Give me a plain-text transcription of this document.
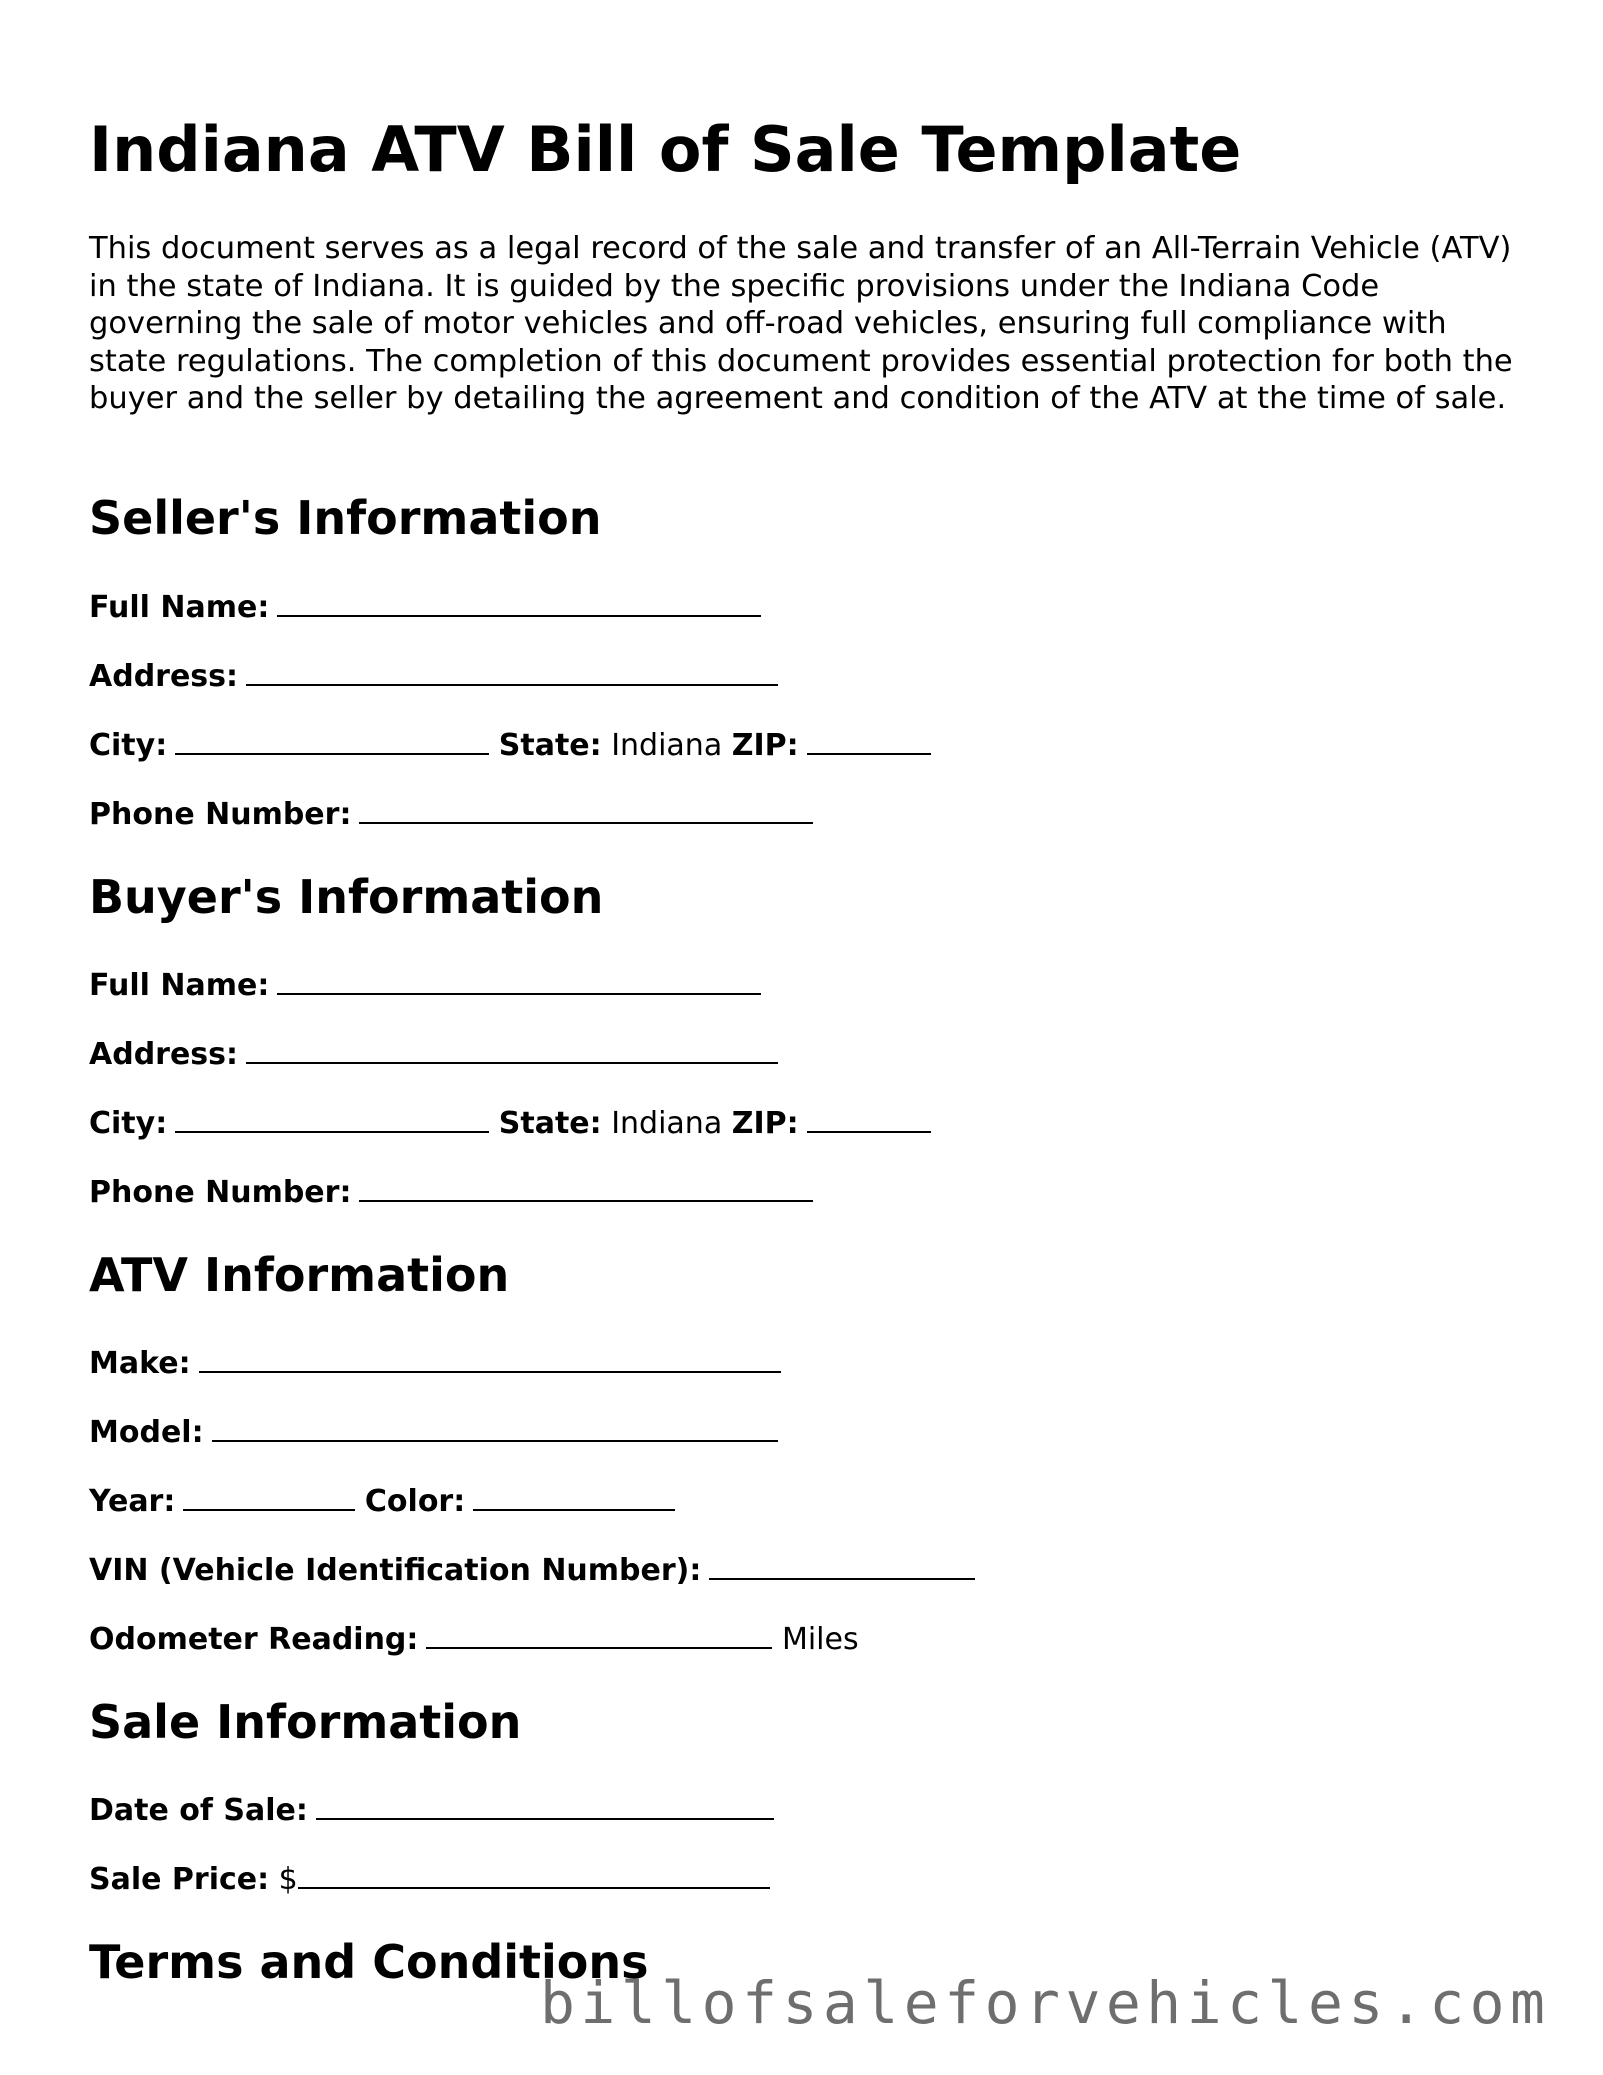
Indiana ATV Bill of Sale Template

This document serves as a legal record of the sale and transfer of an All-Terrain Vehicle (ATV) in the state of Indiana. It is guided by the specific provisions under the Indiana Code governing the sale of motor vehicles and off-road vehicles, ensuring full compliance with state regulations. The completion of this document provides essential protection for both the buyer and the seller by detailing the agreement and condition of the ATV at the time of sale.

Seller's Information
Full Name:
Address:
City:	State: Indiana ZIP:
Phone Number:
Buyer's Information
Full Name:
Address:
City:	State: Indiana ZIP:
Phone Number:
ATV Information
Make:
Model:
Year:	Color:
VIN (Vehicle Identification Number):
Odometer Reading:	Miles
Sale Information
Date of Sale:
Sale Price: $
Terms and Conditions
billofsaleforvehicles.com
